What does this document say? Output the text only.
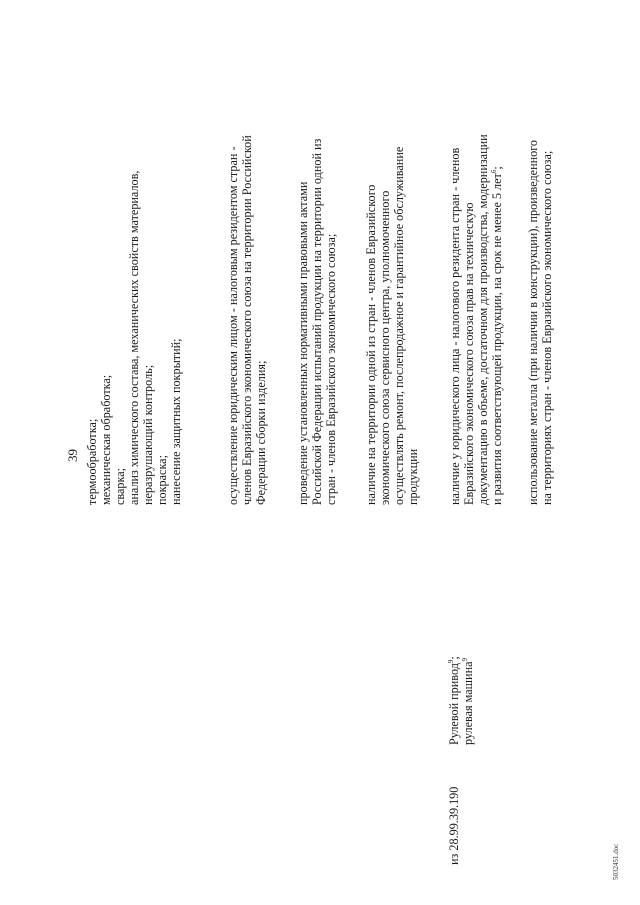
39 термообработка; механическая обработка; сварка; анализ химического состава, механических свойств материалов, неразрушающий контроль; покраска; нанесение защитных покрытий;	осуществление юридическим лицом - налоговым резидентом стран - членов Евразийского экономического союза на территории Российской Федерации сборки изделия; проведение установленных нормативными правовыми актами Российской Федерации испытаний продукции на территории одной из стран - членов Евразийского экономического союза; наличие на территории одной из стран - членов Евразийского экономического союза сервисного центра, уполномоченного осуществлять ремонт, послепродажное и гарантийное обслуживание продукции наличие у юридического лица - налогового резидента стран - членов Евразийского экономического союза прав на техническую документацию в объеме, достаточном для производства, модернизации и развития соответствующей продукции, на срок не менее 5 лет$^6$; использование металла (при наличии в конструкции), произведенного на территориях стран - членов Евразийского экономического союза;
Рулевой привод$^9$;
рулевая машина$^9$
из 28.99.39.190	5032451.doc
